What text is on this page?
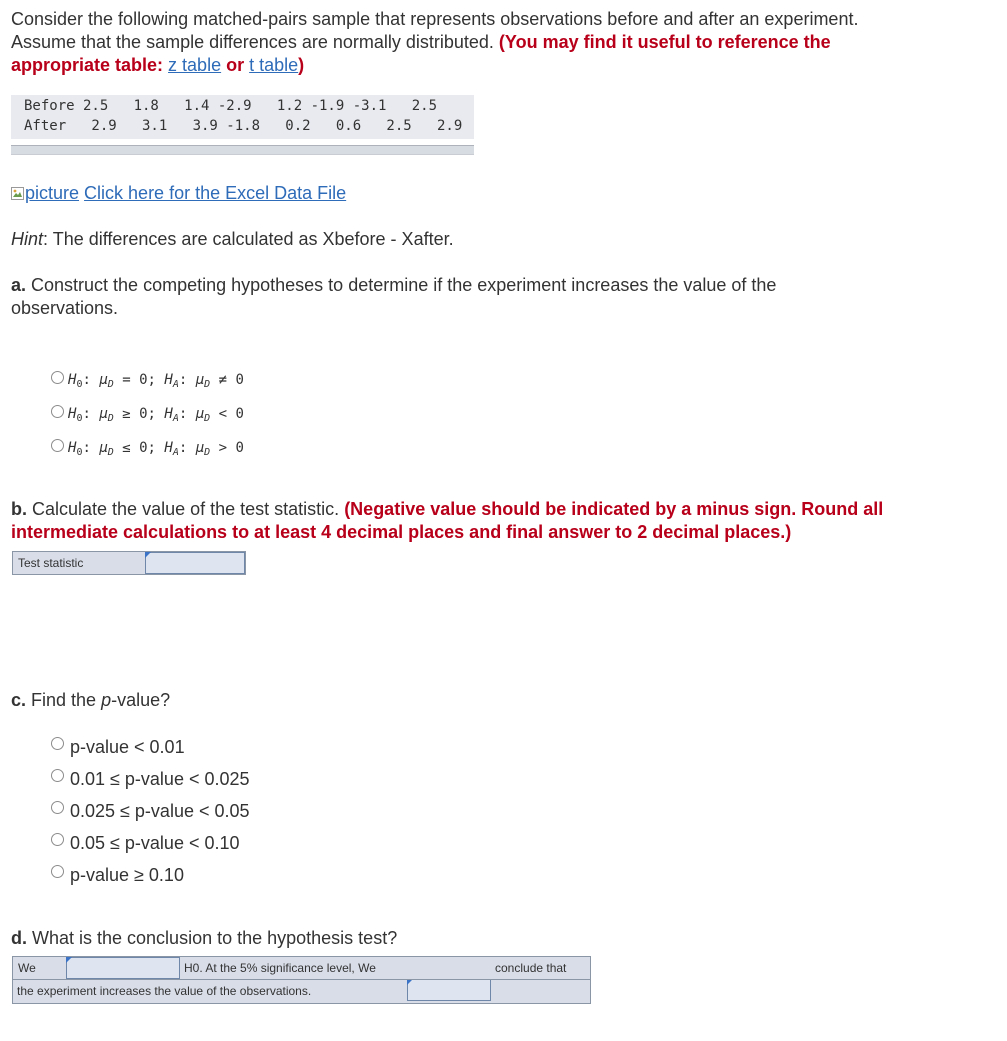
Consider the following matched-pairs sample that represents observations before and after an experiment.
Assume that the sample differences are normally distributed. (You may find it useful to reference the
appropriate table: z table or t table)
Before 2.5   1.8   1.4 -2.9   1.2 -1.9 -3.1   2.5
After   2.9   3.1   3.9 -1.8   0.2   0.6   2.5   2.9
picture Click here for the Excel Data File
Hint: The differences are calculated as Xbefore - Xafter.
a. Construct the competing hypotheses to determine if the experiment increases the value of the
observations.
$H_0$: $\mu_D = 0$; $H_A$: $\mu_D \ne 0$
$H_0$: $\mu_D \ge 0$; $H_A$: $\mu_D < 0$
$H_0$: $\mu_D \le 0$; $H_A$: $\mu_D > 0$
b. Calculate the value of the test statistic. (Negative value should be indicated by a minus sign. Round all
intermediate calculations to at least 4 decimal places and final answer to 2 decimal places.)
Test statistic
c. Find the p-value?
p-value < 0.01
0.01 ≤ p-value < 0.025
0.025 ≤ p-value < 0.05
0.05 ≤ p-value < 0.10
p-value ≥ 0.10
d. What is the conclusion to the hypothesis test?
We	H0. At the 5% significance level, We	conclude that
the experiment increases the value of the observations.
